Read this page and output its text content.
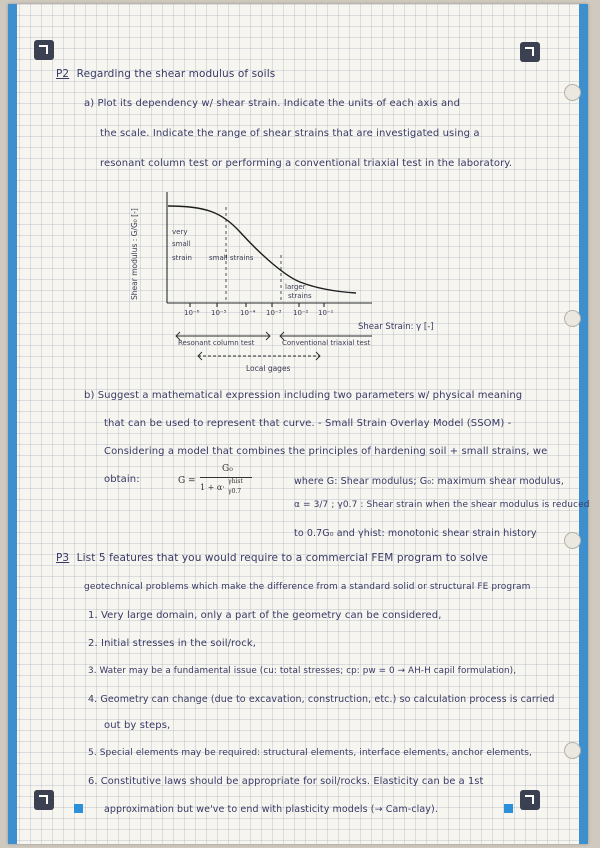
P2 Regarding the shear modulus of soils

a) Plot its dependency w/ shear strain. Indicate the units of each axis and

the scale. Indicate the range of shear strains that are investigated using a

resonant column test or performing a conventional triaxial test in the laboratory.

Shear modulus : G/G₀ [-]

10⁻⁶ 10⁻⁵ 10⁻⁴ 10⁻³ 10⁻² 10⁻¹

Shear Strain: γ [-]

very

small

strain small strains

larger

strains

Resonant column test	Conventional triaxial test

Local gages

b) Suggest a mathematical expression including two parameters w/ physical meaning

that can be used to represent that curve. - Small Strain Overlay Model (SSOM) -

Considering a model that combines the principles of hardening soil + small strains, we

obtain:	G =
G₀
1 + α·
γhist
γ0.7

where G: Shear modulus; G₀: maximum shear modulus,

α = 3/7 ; γ0.7 : Shear strain when the shear modulus is reduced

to 0.7G₀ and γhist: monotonic shear strain history

P3 List 5 features that you would require to a commercial FEM program to solve

geotechnical problems which make the difference from a standard solid or structural FE program

1. Very large domain, only a part of the geometry can be considered,

2. Initial stresses in the soil/rock,

3. Water may be a fundamental issue (cu: total stresses; cp: pw = 0 → AH-H capil formulation),

4. Geometry can change (due to excavation, construction, etc.) so calculation process is carried

out by steps,

5. Special elements may be required: structural elements, interface elements, anchor elements,

6. Constitutive laws should be appropriate for soil/rocks. Elasticity can be a 1st

approximation but we've to end with plasticity models (→ Cam-clay).
